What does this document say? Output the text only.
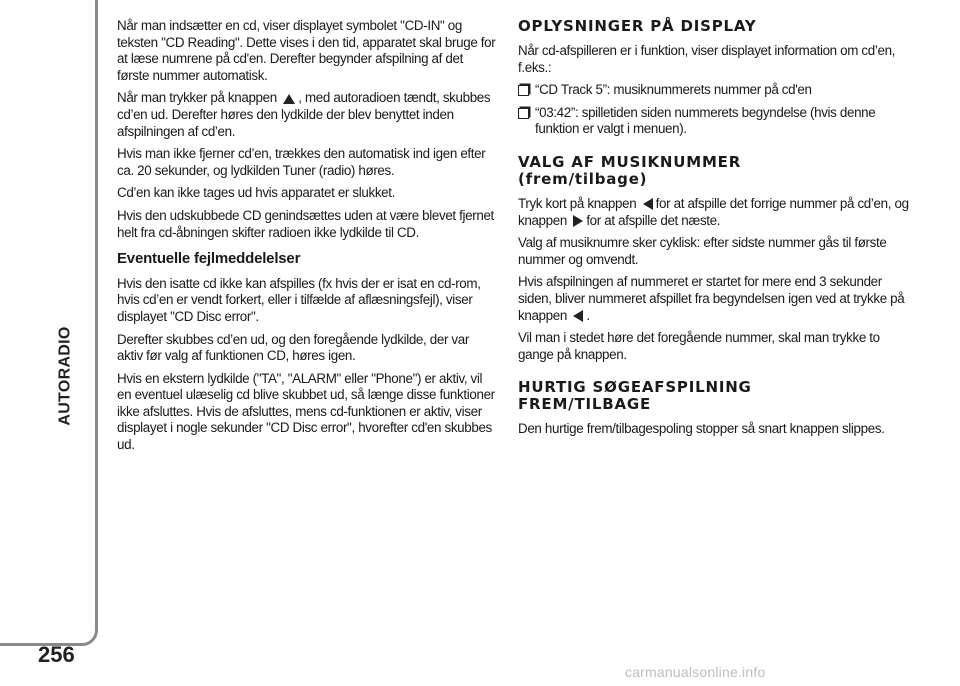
AUTORADIO
256

Når man indsætter en cd, viser displayet symbolet "CD-IN" og teksten "CD Reading". Dette vises i den tid, apparatet skal bruge for at læse numrene på cd'en. Derefter begynder afspilning af det første nummer automatisk.

Når man trykker på knappen , med autoradioen tændt, skubbes cd’en ud. Derefter høres den lydkilde der blev benyttet inden afspilningen af cd’en.

Hvis man ikke fjerner cd’en, trækkes den automatisk ind igen efter ca. 20 sekunder, og lydkilden Tuner (radio) høres.

Cd’en kan ikke tages ud hvis apparatet er slukket.

Hvis den udskubbede CD genindsættes uden at være blevet fjernet helt fra cd-åbningen skifter radioen ikke lydkilde til CD.

Eventuelle fejlmeddelelser

Hvis den isatte cd ikke kan afspilles (fx hvis der er isat en cd-rom, hvis cd’en er vendt forkert, eller i tilfælde af aflæsningsfejl), viser displayet "CD Disc error".

Derefter skubbes cd’en ud, og den foregående lydkilde, der var aktiv før valg af funktionen CD, høres igen.

Hvis en ekstern lydkilde ("TA", "ALARM" eller "Phone") er aktiv, vil en eventuel ulæselig cd blive skubbet ud, så længe disse funktioner ikke afsluttes. Hvis de afsluttes, mens cd-funktionen er aktiv, viser displayet i nogle sekunder "CD Disc error", hvorefter cd'en skubbes ud.

OPLYSNINGER PÅ DISPLAY

Når cd-afspilleren er i funktion, viser displayet information om cd’en, f.eks.:

“CD Track 5”: musiknummerets nummer på cd'en

“03:42”: spilletiden siden nummerets begyndelse (hvis denne funktion er valgt i menuen).

VALG AF MUSIKNUMMER
(frem/tilbage)

Tryk kort på knappen for at afspille det forrige nummer på cd’en, og knappen for at afspille det næste.

Valg af musiknumre sker cyklisk: efter sidste nummer gås til første nummer og omvendt.

Hvis afspilningen af nummeret er startet for mere end 3 sekunder siden, bliver nummeret afspillet fra begyndelsen igen ved at trykke på knappen .

Vil man i stedet høre det foregående nummer, skal man trykke to gange på knappen.

HURTIG SØGEAFSPILNING
FREM/TILBAGE

Den hurtige frem/tilbagespoling stopper så snart knappen slippes.

carmanualsonline.info
